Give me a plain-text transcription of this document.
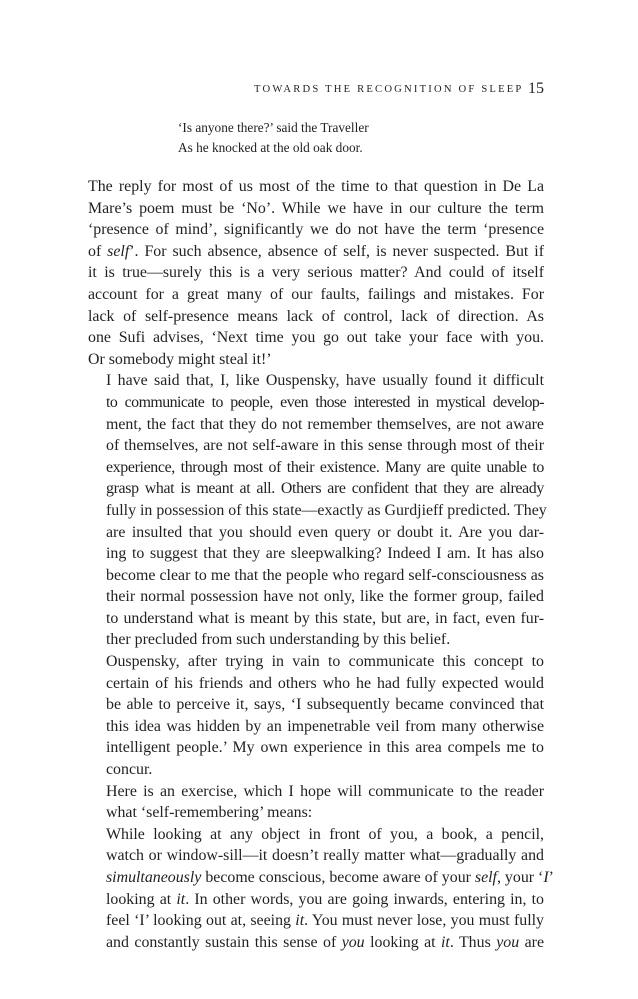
TOWARDS THE RECOGNITION OF SLEEP 15
‘Is anyone there?’ said the Traveller
As he knocked at the old oak door.

The reply for most of us most of the time to that question in De La
Mare’s poem must be ‘No’. While we have in our culture the term
‘presence of mind’, significantly we do not have the term ‘presence
of self’. For such absence, absence of self, is never suspected. But if
it is true—surely this is a very serious matter? And could of itself
account for a great many of our faults, failings and mistakes. For
lack of self-presence means lack of control, lack of direction. As
one Sufi advises, ‘Next time you go out take your face with you.
Or somebody might steal it!’

I have said that, I, like Ouspensky, have usually found it difficult
to communicate to people, even those interested in mystical develop-
ment, the fact that they do not remember themselves, are not aware
of themselves, are not self-aware in this sense through most of their
experience, through most of their existence. Many are quite unable to
grasp what is meant at all. Others are confident that they are already
fully in possession of this state—exactly as Gurdjieff predicted. They
are insulted that you should even query or doubt it. Are you dar-
ing to suggest that they are sleepwalking? Indeed I am. It has also
become clear to me that the people who regard self-consciousness as
their normal possession have not only, like the former group, failed
to understand what is meant by this state, but are, in fact, even fur-
ther precluded from such understanding by this belief.

Ouspensky, after trying in vain to communicate this concept to
certain of his friends and others who he had fully expected would
be able to perceive it, says, ‘I subsequently became convinced that
this idea was hidden by an impenetrable veil from many otherwise
intelligent people.’ My own experience in this area compels me to
concur.

Here is an exercise, which I hope will communicate to the reader
what ‘self-remembering’ means:

While looking at any object in front of you, a book, a pencil,
watch or window-sill—it doesn’t really matter what—gradually and
simultaneously become conscious, become aware of your self, your ‘I’
looking at it. In other words, you are going inwards, entering in, to
feel ‘I’ looking out at, seeing it. You must never lose, you must fully
and constantly sustain this sense of you looking at it. Thus you are
